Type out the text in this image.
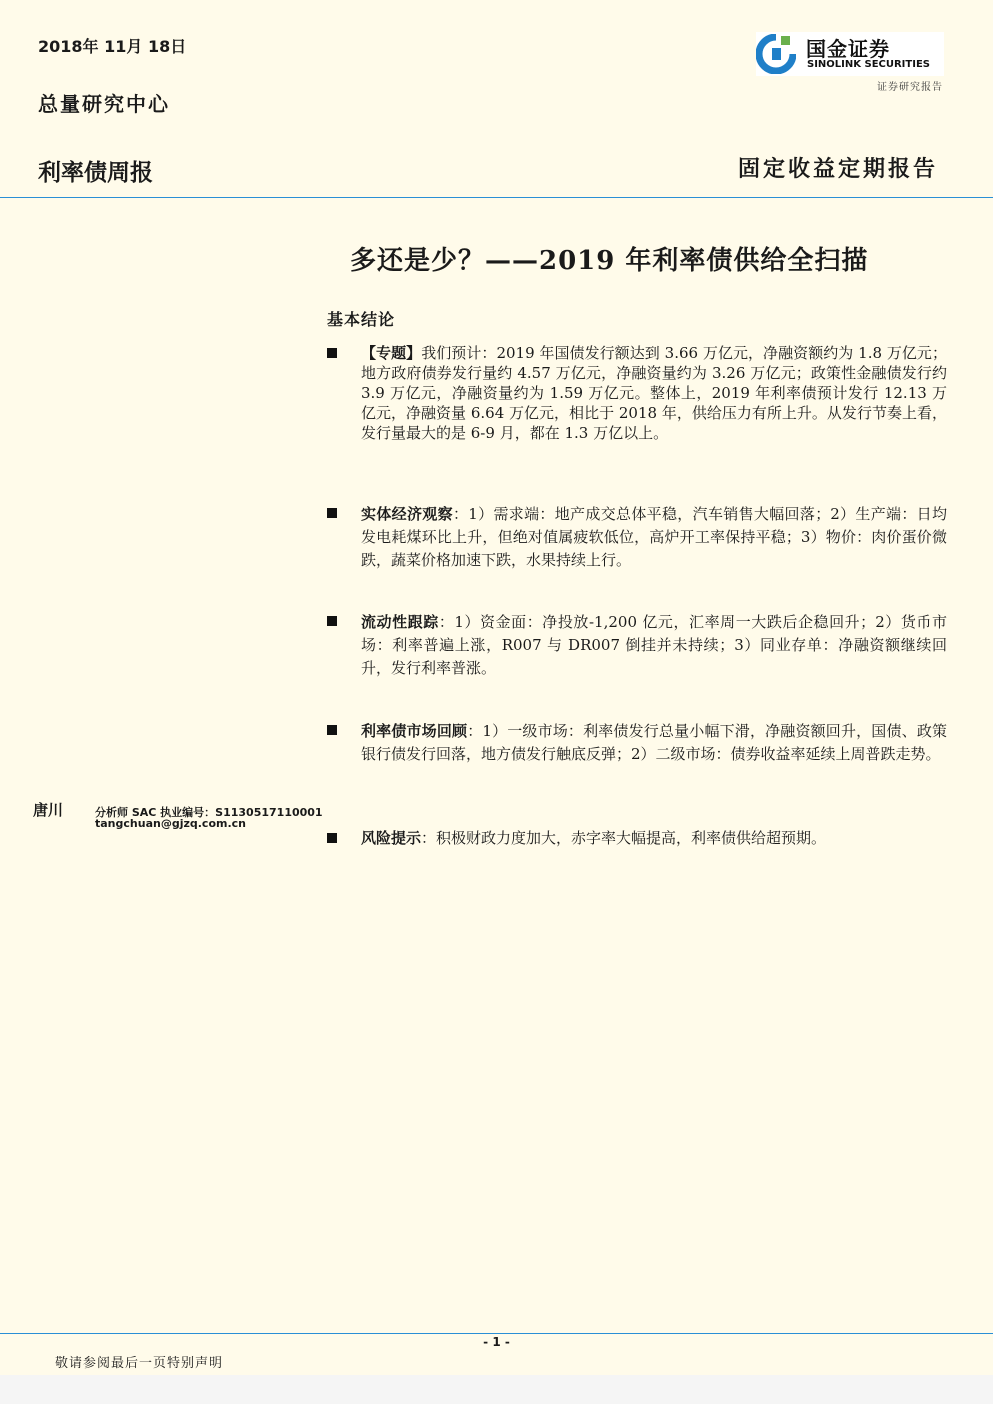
2018年 11月 18日
总量研究中心
利率债周报	固定收益定期报告
国金证券
SINOLINK SECURITIES
证券研究报告
多还是少？——2019 年利率债供给全扫描
基本结论
【专题】我们预计：2019 年国债发行额达到 3.66 万亿元，净融资额约为 1.8 万亿元；地方政府债券发行量约 4.57 万亿元，净融资量约为 3.26 万亿元；政策性金融债发行约 3.9 万亿元，净融资量约为 1.59 万亿元。整体上，2019 年利率债预计发行 12.13 万亿元，净融资量 6.64 万亿元，相比于 2018 年，供给压力有所上升。从发行节奏上看，发行量最大的是 6-9 月，都在 1.3 万亿以上。
实体经济观察：1）需求端：地产成交总体平稳，汽车销售大幅回落；2）生产端：日均发电耗煤环比上升，但绝对值属疲软低位，高炉开工率保持平稳；3）物价：肉价蛋价微跌，蔬菜价格加速下跌，水果持续上行。
流动性跟踪：1）资金面：净投放-1,200 亿元，汇率周一大跌后企稳回升；2）货币市场：利率普遍上涨，R007 与 DR007 倒挂并未持续；3）同业存单：净融资额继续回升，发行利率普涨。
利率债市场回顾：1）一级市场：利率债发行总量小幅下滑，净融资额回升，国债、政策银行债发行回落，地方债发行触底反弹；2）二级市场：债券收益率延续上周普跌走势。
风险提示：积极财政力度加大，赤字率大幅提高，利率债供给超预期。
唐川	分析师 SAC 执业编号：S1130517110001
tangchuan@gjzq.com.cn
- 1 -
敬请参阅最后一页特别声明
